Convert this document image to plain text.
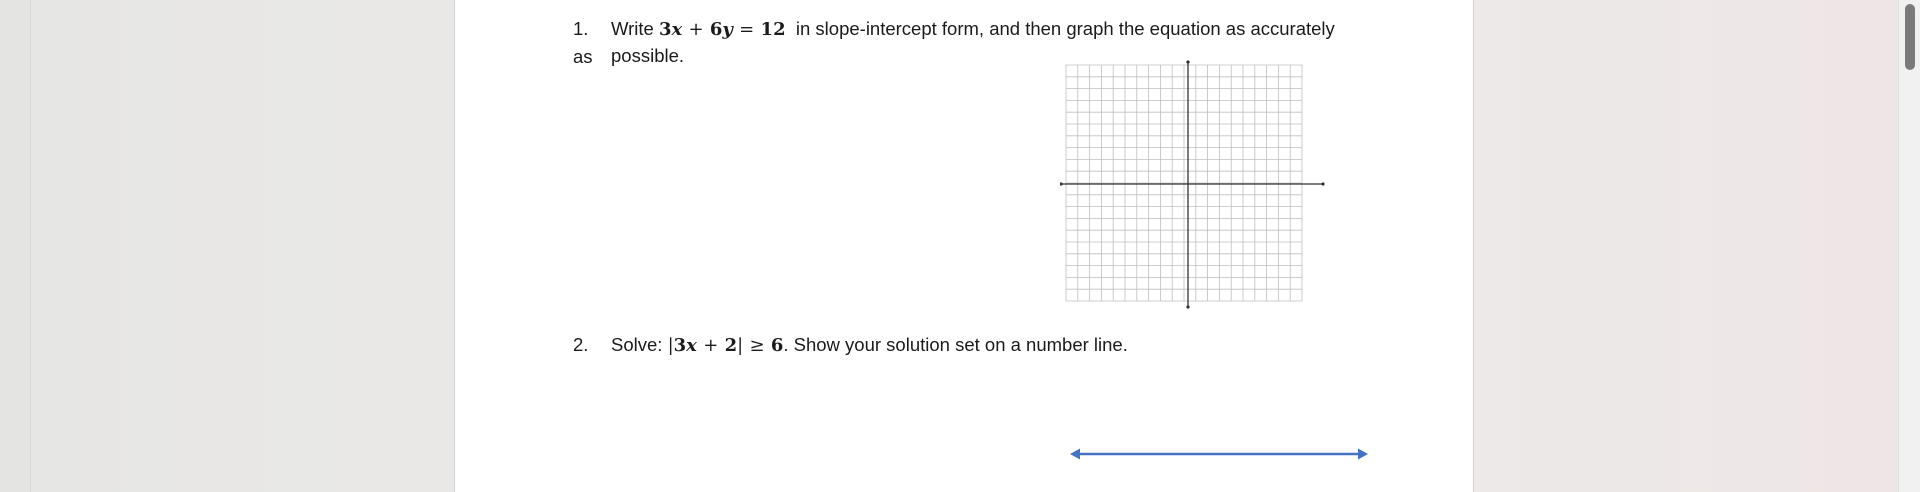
1. Write 3x + 6y = 12 in slope-intercept form, and then graph the equation as accurately as possible.
2. Solve: |3x + 2| ≥ 6. Show your solution set on a number line.
